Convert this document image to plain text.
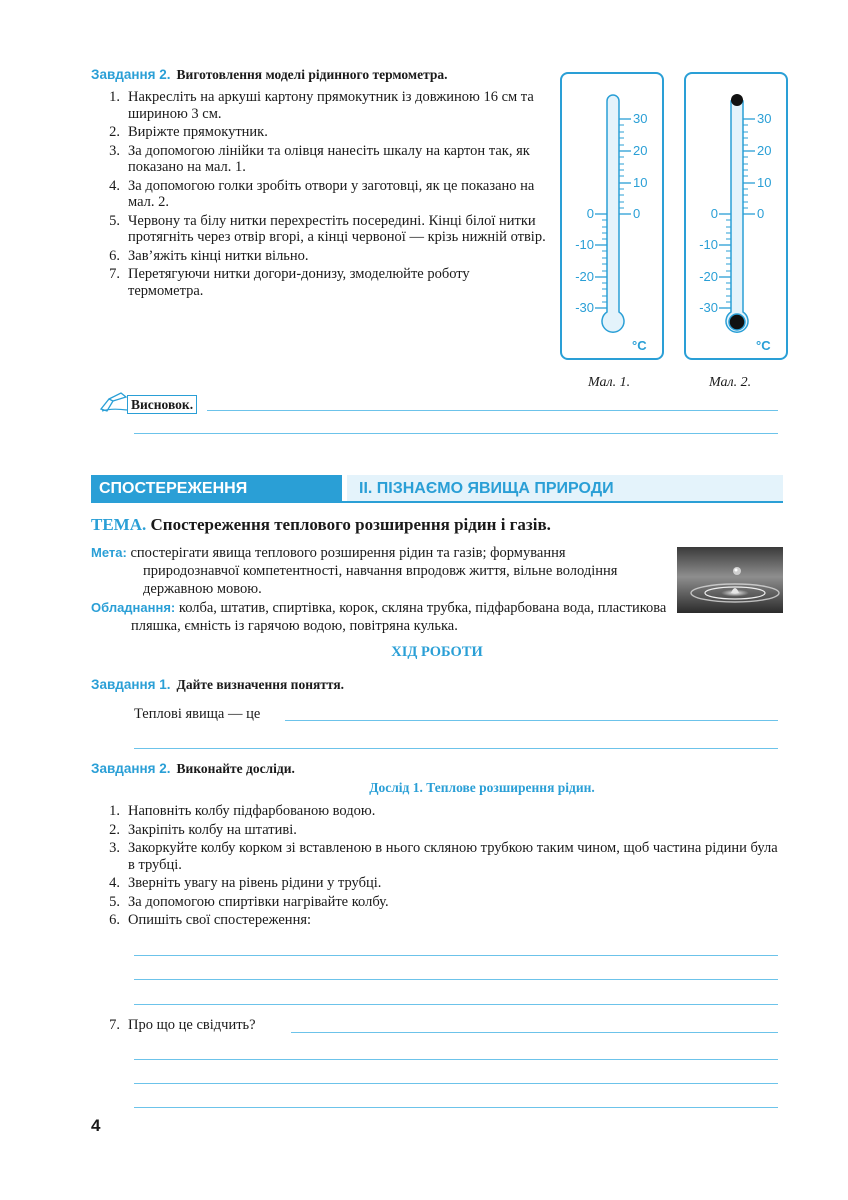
Завдання 2. Виготовлення моделі рідинного термометра.
1. Накресліть на аркуші картону прямокутник із довжиною 16 см та шириною 3 см.
2. Виріжте прямокутник.
3. За допомогою лінійки та олівця нанесіть шкалу на картон так, як показано на мал. 1.
4. За допомогою голки зробіть отвори у заготовці, як це показано на мал. 2.
5. Червону та білу нитки перехрестіть посередині. Кінці білої нитки протягніть через отвір вгорі, а кінці червоної — крізь нижній отвір.
6. Зав’яжіть кінці нитки вільно.
7. Перетягуючи нитки догори-донизу, змоделюйте роботу термометра.
30
20
10
0
0
-10
-20
-30
°C
30
20
10
0
0
-10
-20
-30
°C
Мал. 1.	Мал. 2.
Висновок.
СПОСТЕРЕЖЕННЯ	II. ПІЗНАЄМО ЯВИЩА ПРИРОДИ
ТЕМА. Спостереження теплового розширення рідин і газів.
Мета: спостерігати явища теплового розширення рідин та газів; формування природознавчої компетентності, навчання впродовж життя, вільне володіння державною мовою.
Обладнання: колба, штатив, спиртівка, корок, скляна трубка, підфарбована вода, пластикова пляшка, ємність із гарячою водою, повітряна кулька.
ХІД РОБОТИ
Завдання 1. Дайте визначення поняття.
Теплові явища — це
Завдання 2. Виконайте досліди.
Дослід 1. Теплове розширення рідин.
1. Наповніть колбу підфарбованою водою.
2. Закріпіть колбу на штативі.
3. Закоркуйте колбу корком зі вставленою в нього скляною трубкою таким чином, щоб частина рідини була в трубці.
4. Зверніть увагу на рівень рідини у трубці.
5. За допомогою спиртівки нагрівайте колбу.
6. Опишіть свої спостереження:
7. Про що це свідчить?
4
